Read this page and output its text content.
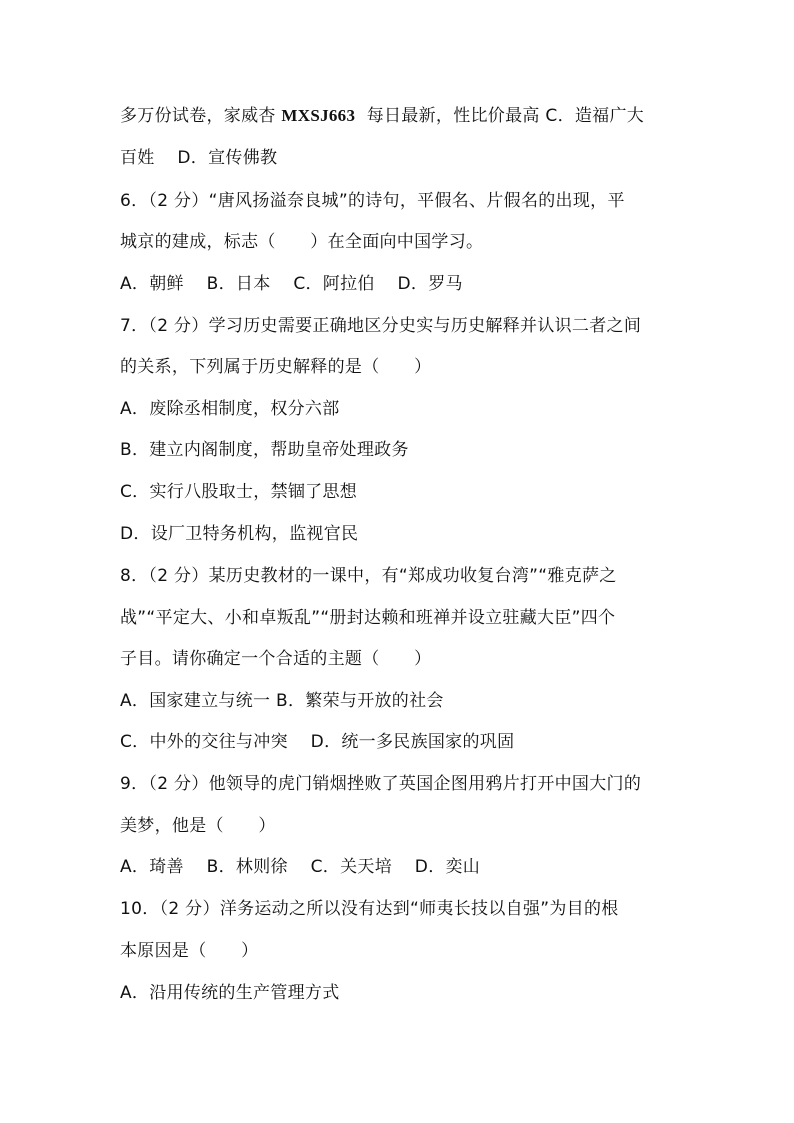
多万份试卷，家威杏 MXSJ663  每日最新，性比价最高 C．造福广大
百姓    D．宣传佛教
6．（2 分）“唐风扬溢奈良城”的诗句，平假名、片假名的出现，平
城京的建成，标志（　　）在全面向中国学习。
A．朝鲜    B．日本    C．阿拉伯    D．罗马
7．（2 分）学习历史需要正确地区分史实与历史解释并认识二者之间
的关系，下列属于历史解释的是（　　）
A．废除丞相制度，权分六部
B．建立内阁制度，帮助皇帝处理政务
C．实行八股取士，禁锢了思想
D．设厂卫特务机构，监视官民
8．（2 分）某历史教材的一课中，有“郑成功收复台湾”“雅克萨之
战”“平定大、小和卓叛乱”“册封达赖和班禅并设立驻藏大臣”四个
子目。请你确定一个合适的主题（　　）
A．国家建立与统一 B．繁荣与开放的社会
C．中外的交往与冲突    D．统一多民族国家的巩固
9．（2 分）他领导的虎门销烟挫败了英国企图用鸦片打开中国大门的
美梦，他是（　　）
A．琦善    B．林则徐    C．关天培    D．奕山
10．（2 分）洋务运动之所以没有达到“师夷长技以自强”为目的根
本原因是（　　）
A．沿用传统的生产管理方式
